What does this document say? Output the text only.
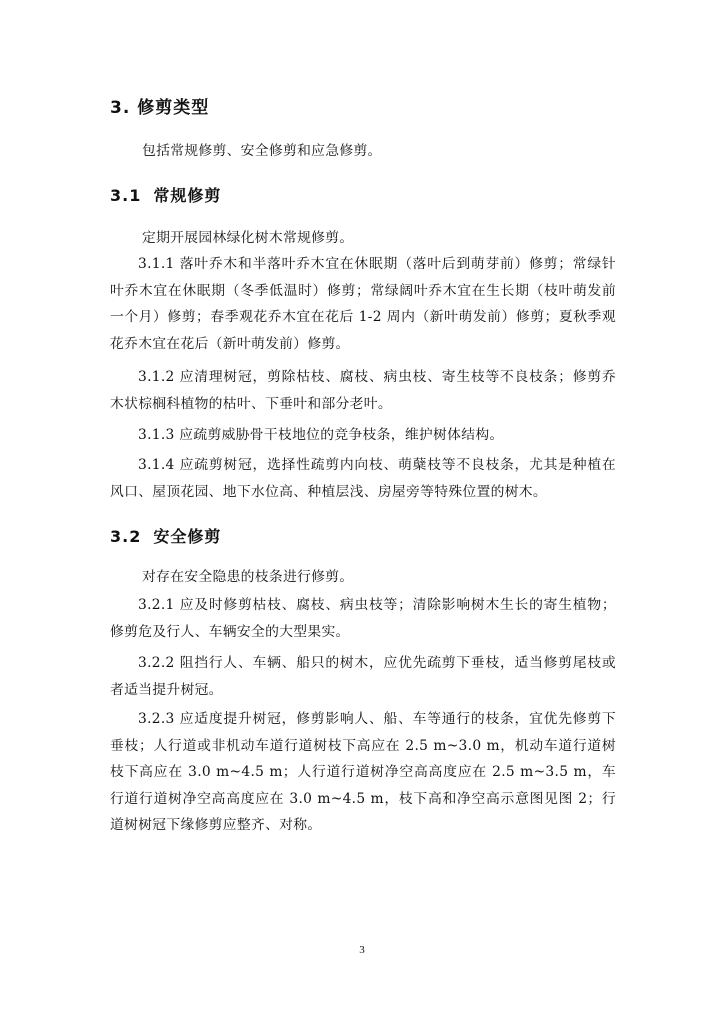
3. 修剪类型
包括常规修剪、安全修剪和应急修剪。
3.1 常规修剪
定期开展园林绿化树木常规修剪。
3.1.1 落叶乔木和半落叶乔木宜在休眠期（落叶后到萌芽前）修剪；常绿针叶乔木宜在休眠期（冬季低温时）修剪；常绿阔叶乔木宜在生长期（枝叶萌发前一个月）修剪；春季观花乔木宜在花后 1-2 周内（新叶萌发前）修剪；夏秋季观花乔木宜在花后（新叶萌发前）修剪。
3.1.2 应清理树冠，剪除枯枝、腐枝、病虫枝、寄生枝等不良枝条；修剪乔木状棕榈科植物的枯叶、下垂叶和部分老叶。
3.1.3 应疏剪威胁骨干枝地位的竞争枝条，维护树体结构。
3.1.4 应疏剪树冠，选择性疏剪内向枝、萌蘖枝等不良枝条，尤其是种植在风口、屋顶花园、地下水位高、种植层浅、房屋旁等特殊位置的树木。
3.2 安全修剪
对存在安全隐患的枝条进行修剪。
3.2.1 应及时修剪枯枝、腐枝、病虫枝等；清除影响树木生长的寄生植物；修剪危及行人、车辆安全的大型果实。
3.2.2 阻挡行人、车辆、船只的树木，应优先疏剪下垂枝，适当修剪尾枝或者适当提升树冠。
3.2.3 应适度提升树冠，修剪影响人、船、车等通行的枝条，宜优先修剪下垂枝；人行道或非机动车道行道树枝下高应在 2.5 m~3.0 m，机动车道行道树枝下高应在 3.0 m~4.5 m；人行道行道树净空高高度应在 2.5 m~3.5 m，车行道行道树净空高高度应在 3.0 m~4.5 m，枝下高和净空高示意图见图 2；行道树树冠下缘修剪应整齐、对称。
3
